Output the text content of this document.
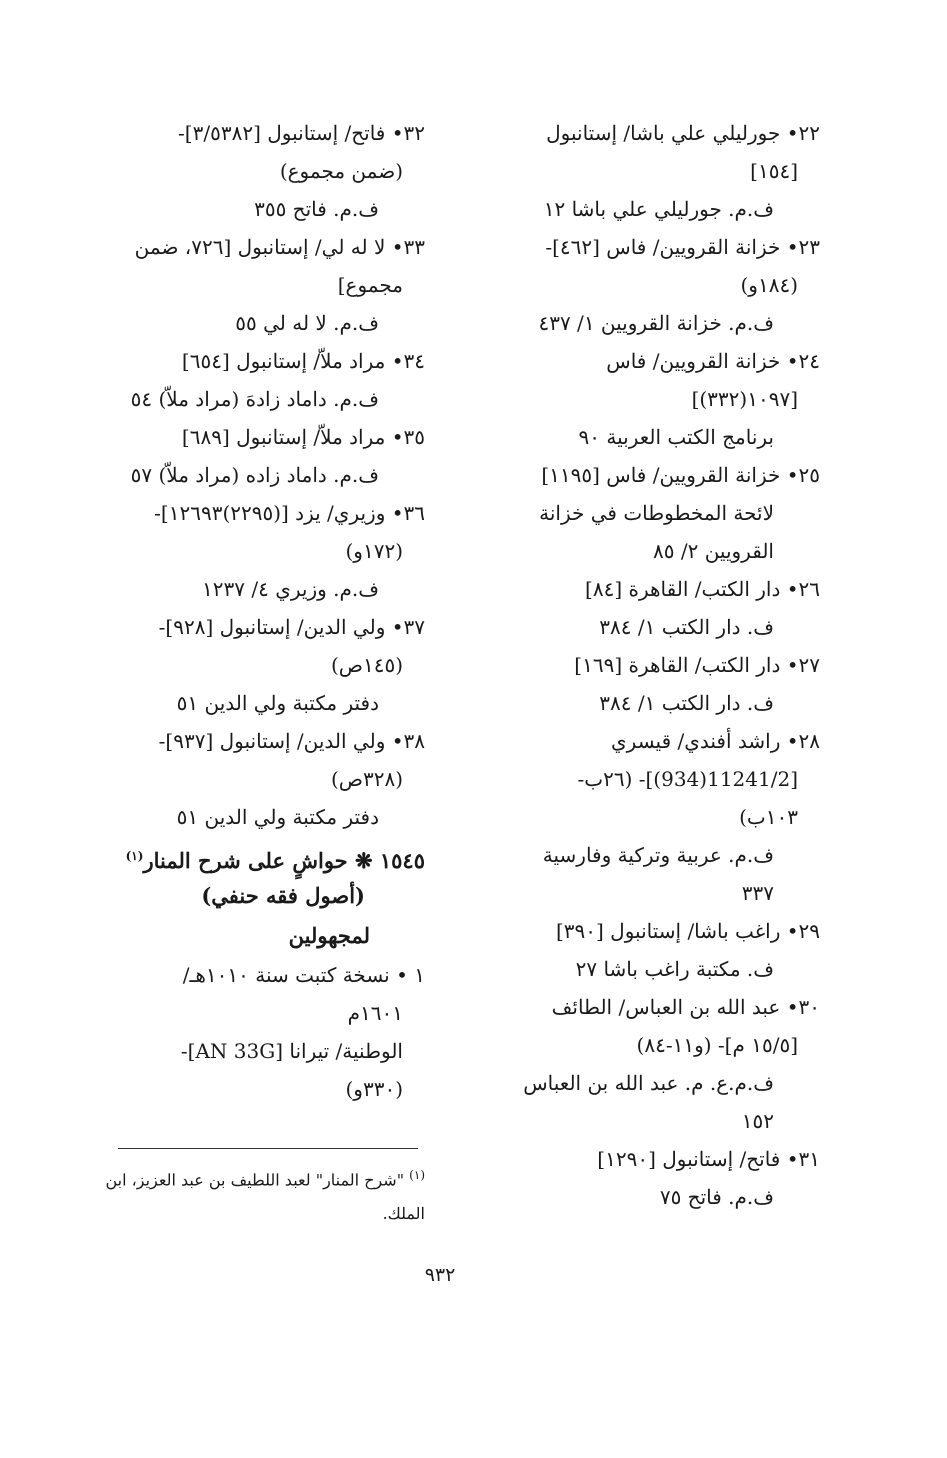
٢٢• جورليلي علي باشا/ إستانبول
[١٥٤]
ف.م. جورليلي علي باشا ١٢
٢٣• خزانة القرويين/ فاس [٤٦٢]-
(١٨٤و)
ف.م. خزانة القرويين ١/ ٤٣٧
٢٤• خزانة القرويين/ فاس
[١٠٩٧(٣٣٢)]
برنامج الكتب العربية ٩٠
٢٥• خزانة القرويين/ فاس [١١٩٥]
لائحة المخطوطات في خزانة
القرويين ٢/ ٨٥
٢٦• دار الكتب/ القاهرة [٨٤]
ف. دار الكتب ١/ ٣٨٤
٢٧• دار الكتب/ القاهرة [١٦٩]
ف. دار الكتب ١/ ٣٨٤
٢٨• راشد أفندي/ قيسري
[11241/2(934)]- (٢٦ب-
١٠٣ب)
ف.م. عربية وتركية وفارسية
٣٣٧
٢٩• راغب باشا/ إستانبول [٣٩٠]
ف. مكتبة راغب باشا ٢٧
٣٠• عبد الله بن العباس/ الطائف
[١٥/٥ م]- (و١١-٨٤)
ف.م.ع. م. عبد الله بن العباس
١٥٢
٣١• فاتح/ إستانبول [١٢٩٠]
ف.م. فاتح ٧٥
٣٢• فاتح/ إستانبول [٣/٥٣٨٢]-
(ضمن مجموع)
ف.م. فاتح ٣٥٥
٣٣• لا له لي/ إستانبول [٧٢٦، ضمن
مجموع]
ف.م. لا له لي ٥٥
٣٤• مراد ملاّ/ إستانبول [٦٥٤]
ف.م. داماد زادهَ (مراد ملاّ) ٥٤
٣٥• مراد ملاّ/ إستانبول [٦٨٩]
ف.م. داماد زاده (مراد ملاّ) ٥٧
٣٦• وزيري/ يزد [(٢٢٩٥)١٢٦٩٣]-
(١٧٢و)
ف.م. وزيري ٤/ ١٢٣٧
٣٧• ولي الدين/ إستانبول [٩٢٨]-
(١٤٥ص)
دفتر مكتبة ولي الدين ٥١
٣٨• ولي الدين/ إستانبول [٩٣٧]-
(٣٢٨ص)
دفتر مكتبة ولي الدين ٥١
١٥٤٥ ❋ حواشٍ على شرح المنار$^{(١)}$
(أصول فقه حنفي)
لمجهولين
١ • نسخة كتبت سنة ١٠١٠هـ/
١٦٠١م
الوطنية/ تيرانا [AN 33G]-
(٣٣٠و)
$^{(١)}$ "شرح المنار" لعبد اللطيف بن عبد العزيز، ابن الملك.
٩٣٢
